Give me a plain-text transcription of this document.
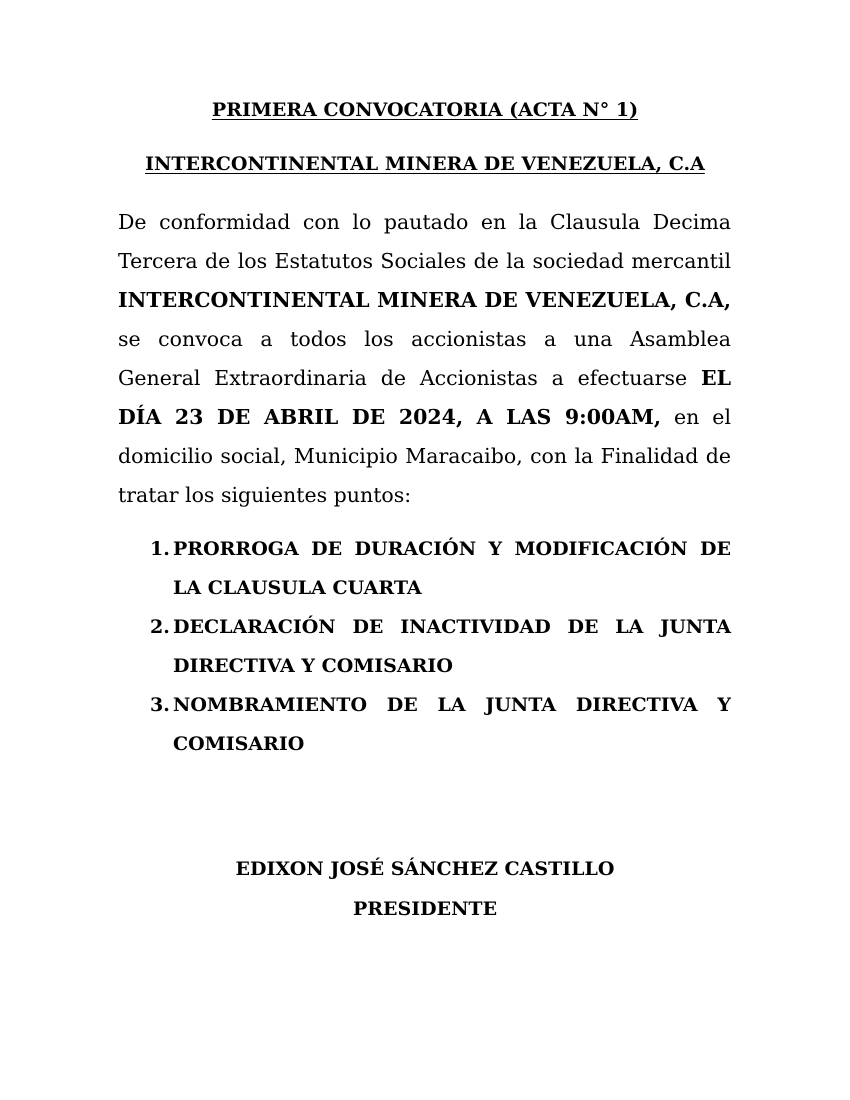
PRIMERA CONVOCATORIA (ACTA N° 1)
INTERCONTINENTAL MINERA DE VENEZUELA, C.A
De conformidad con lo pautado en la Clausula Decima Tercera de los Estatutos Sociales de la sociedad mercantil INTERCONTINENTAL MINERA DE VENEZUELA, C.A, se convoca a todos los accionistas a una Asamblea General Extraordinaria de Accionistas a efectuarse EL DÍA 23 DE ABRIL DE 2024, A LAS 9:00AM, en el domicilio social, Municipio Maracaibo, con la Finalidad de tratar los siguientes puntos:
1. PRORROGA DE DURACIÓN Y MODIFICACIÓN DE LA CLAUSULA CUARTA
2. DECLARACIÓN DE INACTIVIDAD DE LA JUNTA DIRECTIVA Y COMISARIO
3. NOMBRAMIENTO DE LA JUNTA DIRECTIVA Y COMISARIO
EDIXON JOSÉ SÁNCHEZ CASTILLO
PRESIDENTE
